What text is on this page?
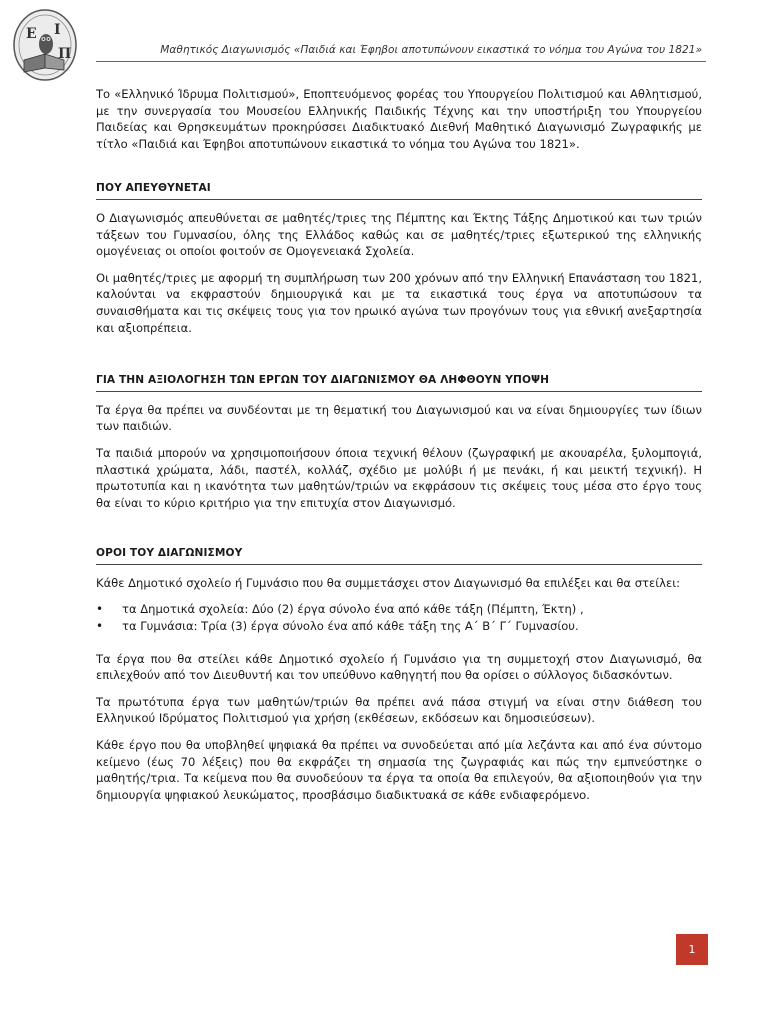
Ε Ι
Π	Μαθητικός Διαγωνισμός «Παιδιά και Έφηβοι αποτυπώνουν εικαστικά το νόημα του Αγώνα του 1821»

Το «Ελληνικό Ίδρυμα Πολιτισμού», Εποπτευόμενος φορέας του Υπουργείου Πολιτισμού και Αθλητισμού, με την συνεργασία του Μουσείου Ελληνικής Παιδικής Τέχνης και την υποστήριξη του Υπουργείου Παιδείας και Θρησκευμάτων προκηρύσσει Διαδικτυακό Διεθνή Μαθητικό Διαγωνισμό Ζωγραφικής με τίτλο «Παιδιά και Έφηβοι αποτυπώνουν εικαστικά το νόημα του Αγώνα του 1821».

ΠΟΥ ΑΠΕΥΘΥΝΕΤΑΙ

Ο Διαγωνισμός απευθύνεται σε μαθητές/τριες της Πέμπτης και Έκτης Τάξης Δημοτικού και των τριών τάξεων του Γυμνασίου, όλης της Ελλάδος καθώς και σε μαθητές/τριες εξωτερικού της ελληνικής ομογένειας οι οποίοι φοιτούν σε Ομογενειακά Σχολεία.

Οι μαθητές/τριες με αφορμή τη συμπλήρωση των 200 χρόνων από την Ελληνική Επανάσταση του 1821, καλούνται να εκφραστούν δημιουργικά και με τα εικαστικά τους έργα να αποτυπώσουν τα συναισθήματα και τις σκέψεις τους για τον ηρωικό αγώνα των προγόνων τους για εθνική ανεξαρτησία και αξιοπρέπεια.

ΓΙΑ ΤΗΝ ΑΞΙΟΛΟΓΗΣΗ ΤΩΝ ΕΡΓΩΝ ΤΟΥ ΔΙΑΓΩΝΙΣΜΟΥ ΘΑ ΛΗΦΘΟΥΝ ΥΠΟΨΗ

Τα έργα θα πρέπει να συνδέονται με τη θεματική του Διαγωνισμού και να είναι δημιουργίες των ίδιων των παιδιών.

Τα παιδιά μπορούν να χρησιμοποιήσουν όποια τεχνική θέλουν (ζωγραφική με ακουαρέλα, ξυλομπογιά, πλαστικά χρώματα, λάδι, παστέλ, κολλάζ, σχέδιο με μολύβι ή με πενάκι, ή και μεικτή τεχνική). Η πρωτοτυπία και η ικανότητα των μαθητών/τριών να εκφράσουν τις σκέψεις τους μέσα στο έργο τους θα είναι το κύριο κριτήριο για την επιτυχία στον Διαγωνισμό.

ΟΡΟΙ ΤΟΥ ΔΙΑΓΩΝΙΣΜΟΥ

Κάθε Δημοτικό σχολείο ή Γυμνάσιο που θα συμμετάσχει στον Διαγωνισμό θα επιλέξει και θα στείλει:

• τα Δημοτικά σχολεία: Δύο (2) έργα σύνολο ένα από κάθε τάξη (Πέμπτη, Έκτη) ,
• τα Γυμνάσια: Τρία (3) έργα σύνολο ένα από κάθε τάξη της Α΄ Β΄ Γ΄ Γυμνασίου.

Τα έργα που θα στείλει κάθε Δημοτικό σχολείο ή Γυμνάσιο για τη συμμετοχή στον Διαγωνισμό, θα επιλεχθούν από τον Διευθυντή και τον υπεύθυνο καθηγητή που θα ορίσει ο σύλλογος διδασκόντων.

Τα πρωτότυπα έργα των μαθητών/τριών θα πρέπει ανά πάσα στιγμή να είναι στην διάθεση του Ελληνικού Ιδρύματος Πολιτισμού για χρήση (εκθέσεων, εκδόσεων και δημοσιεύσεων).

Κάθε έργο που θα υποβληθεί ψηφιακά θα πρέπει να συνοδεύεται από μία λεζάντα και από ένα σύντομο κείμενο (έως 70 λέξεις) που θα εκφράζει τη σημασία της ζωγραφιάς και πώς την εμπνεύστηκε ο μαθητής/τρια. Τα κείμενα που θα συνοδεύουν τα έργα τα οποία θα επιλεγούν, θα αξιοποιηθούν για την δημιουργία ψηφιακού λευκώματος, προσβάσιμο διαδικτυακά σε κάθε ενδιαφερόμενο.

1
